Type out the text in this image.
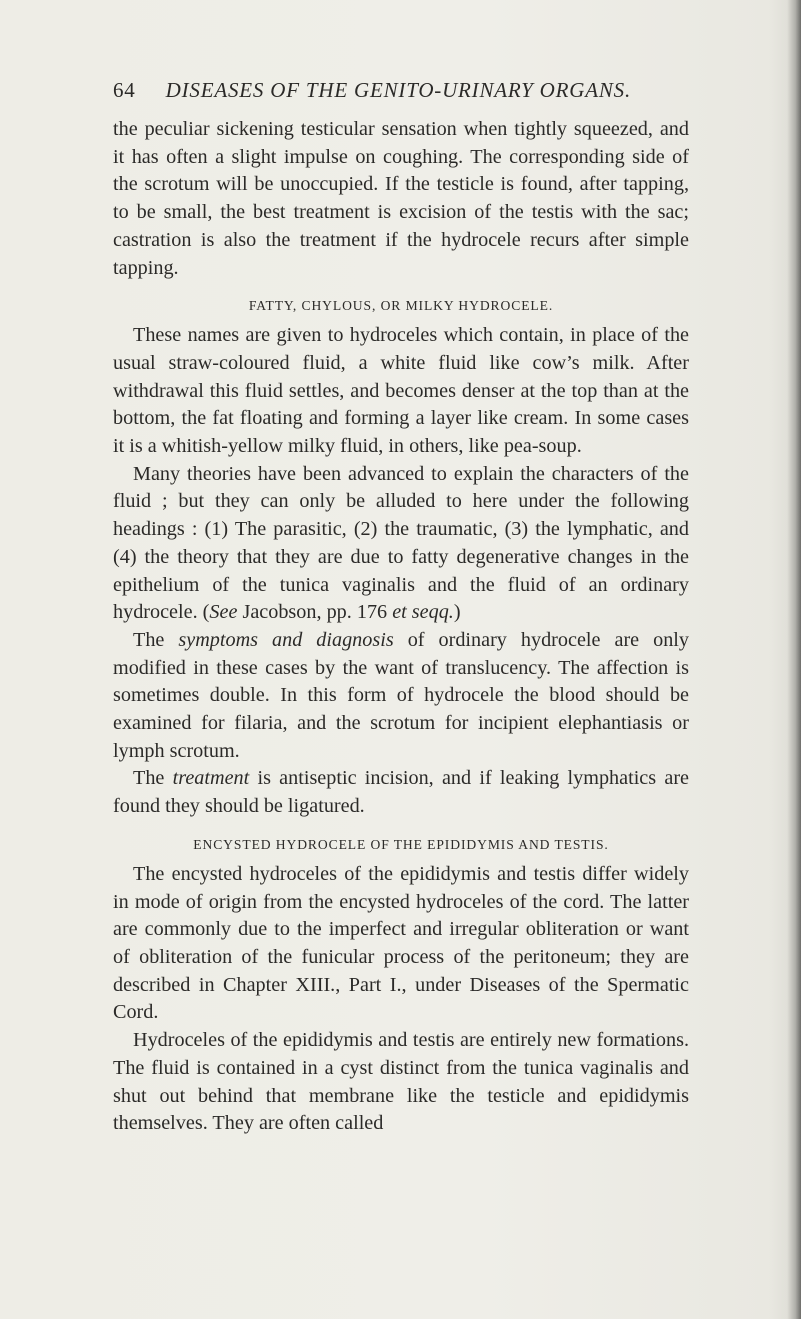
64 DISEASES OF THE GENITO-URINARY ORGANS.

the peculiar sickening testicular sensation when tightly squeezed, and it has often a slight impulse on coughing. The corresponding side of the scrotum will be unoccupied. If the testicle is found, after tapping, to be small, the best treatment is excision of the testis with the sac; castration is also the treatment if the hydrocele recurs after simple tapping.

FATTY, CHYLOUS, OR MILKY HYDROCELE.

These names are given to hydroceles which contain, in place of the usual straw-coloured fluid, a white fluid like cow’s milk. After withdrawal this fluid settles, and becomes denser at the top than at the bottom, the fat floating and forming a layer like cream. In some cases it is a whitish-yellow milky fluid, in others, like pea-soup.

Many theories have been advanced to explain the characters of the fluid ; but they can only be alluded to here under the following headings : (1) The parasitic, (2) the traumatic, (3) the lymphatic, and (4) the theory that they are due to fatty degenerative changes in the epithelium of the tunica vaginalis and the fluid of an ordinary hydrocele. (See Jacobson, pp. 176 et seqq.)

The symptoms and diagnosis of ordinary hydrocele are only modified in these cases by the want of translucency. The affection is sometimes double. In this form of hydrocele the blood should be examined for filaria, and the scrotum for incipient elephantiasis or lymph scrotum.

The treatment is antiseptic incision, and if leaking lymphatics are found they should be ligatured.

ENCYSTED HYDROCELE OF THE EPIDIDYMIS AND TESTIS.

The encysted hydroceles of the epididymis and testis differ widely in mode of origin from the encysted hydroceles of the cord. The latter are commonly due to the imperfect and irregular obliteration or want of obliteration of the funicular process of the peritoneum; they are described in Chapter XIII., Part I., under Diseases of the Spermatic Cord.

Hydroceles of the epididymis and testis are entirely new formations. The fluid is contained in a cyst distinct from the tunica vaginalis and shut out behind that membrane like the testicle and epididymis themselves. They are often called
